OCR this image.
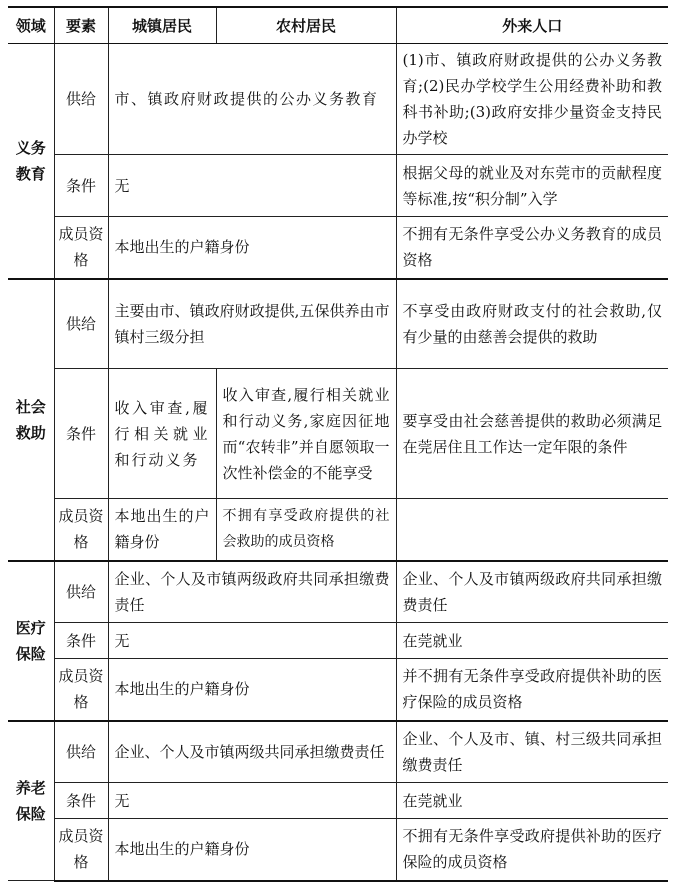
领域	要素	城镇居民	农村居民	外来人口
义务教育	供给	市、镇政府财政提供的公办义务教育		(1)市、镇政府财政提供的公办义务教育;(2)民办学校学生公用经费补助和教科书补助;(3)政府安排少量资金支持民办学校
	条件	无		根据父母的就业及对东莞市的贡献程度等标准,按“积分制”入学
	成员资格	本地出生的户籍身份		不拥有无条件享受公办义务教育的成员资格
社会救助	供给	主要由市、镇政府财政提供,五保供养由市镇村三级分担		不享受由政府财政支付的社会救助,仅有少量的由慈善会提供的救助
	条件	收入审查,履行相关就业和行动义务	收入审查,履行相关就业和行动义务,家庭因征地而“农转非”并自愿领取一次性补偿金的不能享受	要享受由社会慈善提供的救助必须满足在莞居住且工作达一定年限的条件
	成员资格	本地出生的户籍身份	不拥有享受政府提供的社会救助的成员资格	
医疗保险	供给	企业、个人及市镇两级政府共同承担缴费责任		企业、个人及市镇两级政府共同承担缴费责任
	条件	无		在莞就业
	成员资格	本地出生的户籍身份		并不拥有无条件享受政府提供补助的医疗保险的成员资格
养老保险	供给	企业、个人及市镇两级共同承担缴费责任		企业、个人及市、镇、村三级共同承担缴费责任
	条件	无		在莞就业
	成员资格	本地出生的户籍身份		不拥有无条件享受政府提供补助的医疗保险的成员资格
